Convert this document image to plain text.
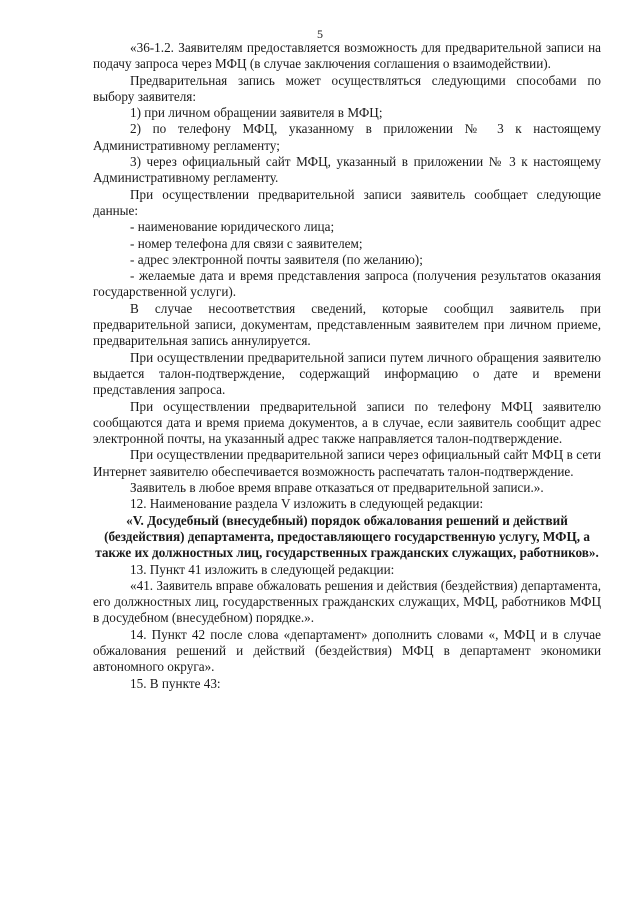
5

«36-1.2. Заявителям предоставляется возможность для предварительной записи на подачу запроса через МФЦ (в случае заключения соглашения о взаимодействии).

Предварительная запись может осуществляться следующими способами по выбору заявителя:

1) при личном обращении заявителя в МФЦ;

2) по телефону МФЦ, указанному в приложении № 3 к настоящему Административному регламенту;

3) через официальный сайт МФЦ, указанный в приложении № 3 к настоящему Административному регламенту.

При осуществлении предварительной записи заявитель сообщает следующие данные:

- наименование юридического лица;

- номер телефона для связи с заявителем;

- адрес электронной почты заявителя (по желанию);

- желаемые дата и время представления запроса (получения результатов оказания государственной услуги).

В случае несоответствия сведений, которые сообщил заявитель при предварительной записи, документам, представленным заявителем при личном приеме, предварительная запись аннулируется.

При осуществлении предварительной записи путем личного обращения заявителю выдается талон-подтверждение, содержащий информацию о дате и времени представления запроса.

При осуществлении предварительной записи по телефону МФЦ заявителю сообщаются дата и время приема документов, а в случае, если заявитель сообщит адрес электронной почты, на указанный адрес также направляется талон-подтверждение.

При осуществлении предварительной записи через официальный сайт МФЦ в сети Интернет заявителю обеспечивается возможность распечатать талон-подтверждение.

Заявитель в любое время вправе отказаться от предварительной записи.».

12. Наименование раздела V изложить в следующей редакции:

«V. Досудебный (внесудебный) порядок обжалования решений и действий (бездействия) департамента, предоставляющего государственную услугу, МФЦ, а также их должностных лиц, государственных гражданских служащих, работников».

13. Пункт 41 изложить в следующей редакции:

«41. Заявитель вправе обжаловать решения и действия (бездействия) департамента, его должностных лиц, государственных гражданских служащих, МФЦ, работников МФЦ в досудебном (внесудебном) порядке.».

14. Пункт 42 после слова «департамент» дополнить словами «, МФЦ и в случае обжалования решений и действий (бездействия) МФЦ в департамент экономики автономного округа».

15. В пункте 43:
